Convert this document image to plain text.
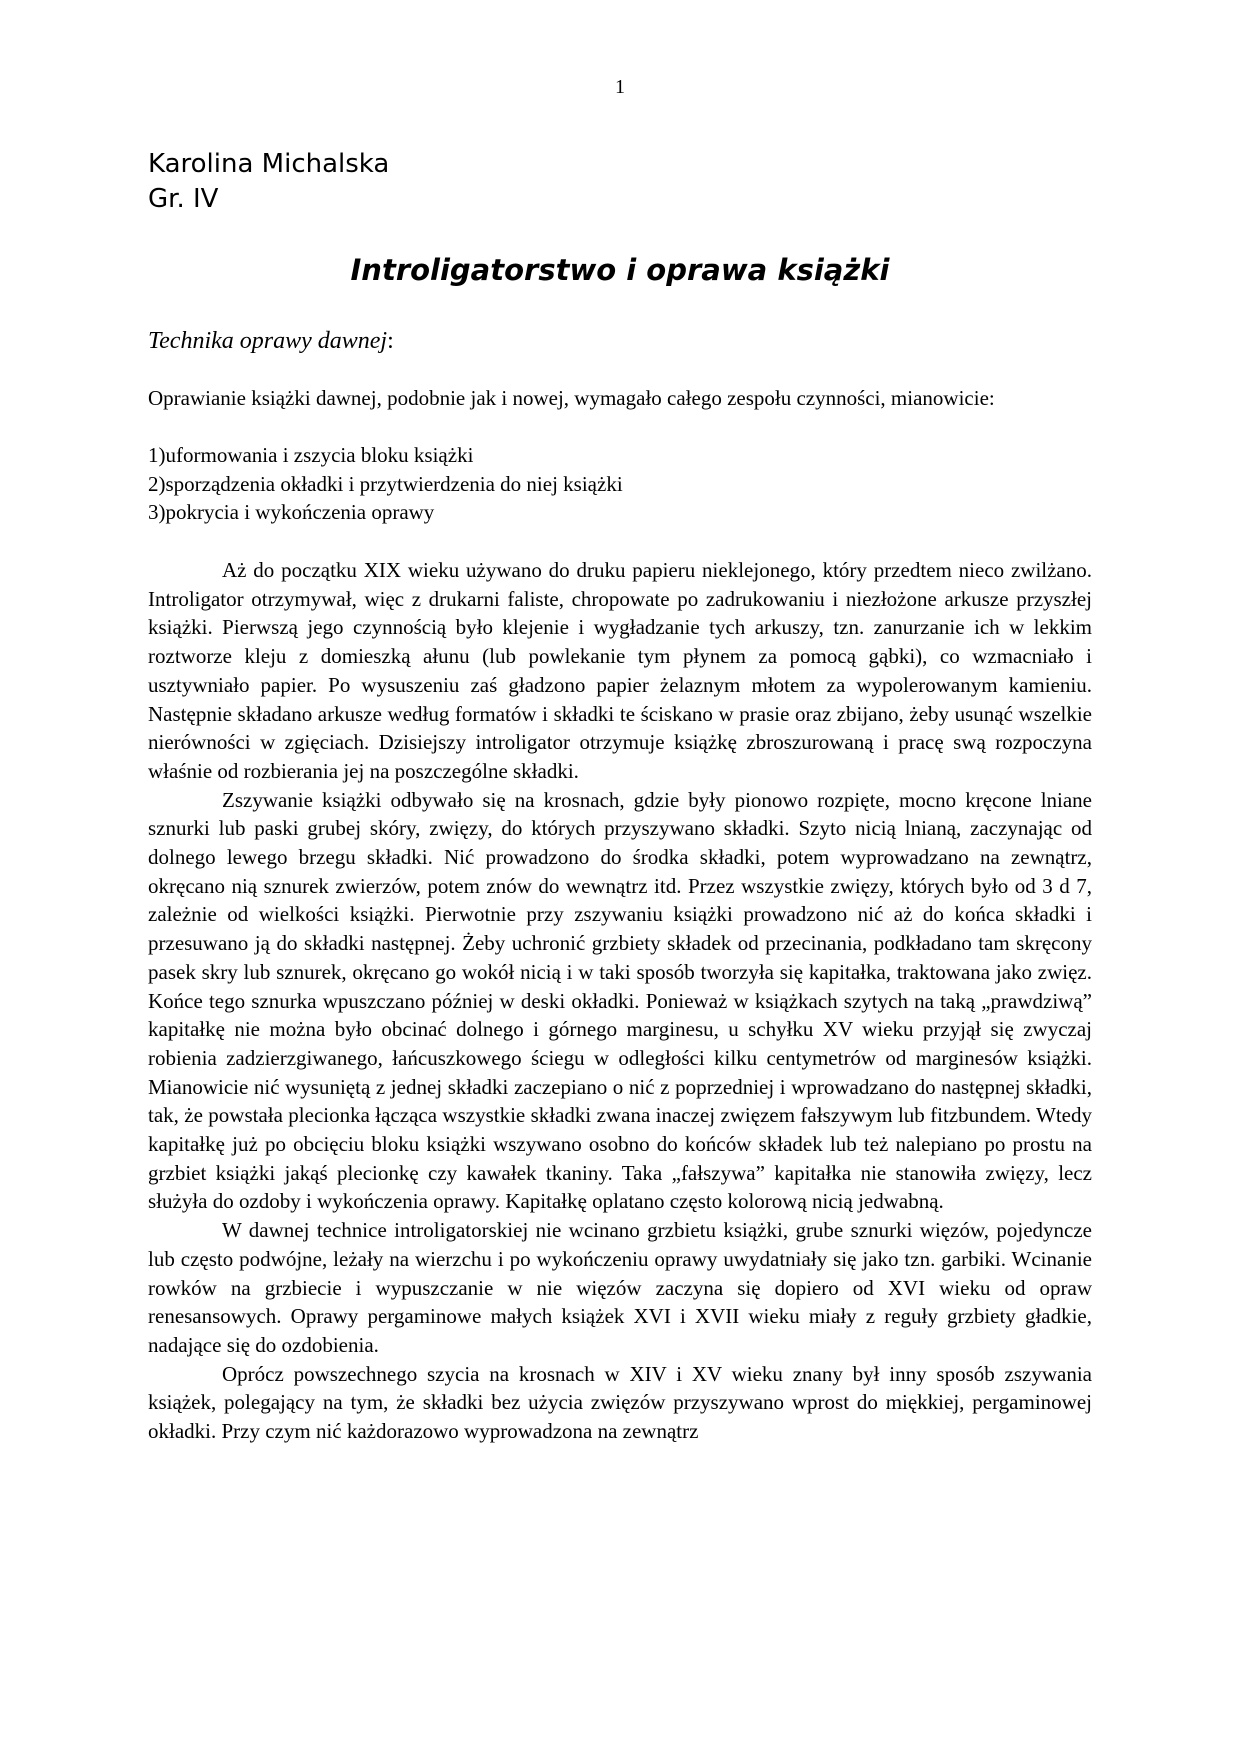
1
Karolina Michalska
Gr. IV
Introligatorstwo i oprawa książki
Technika oprawy dawnej:
Oprawianie książki dawnej, podobnie jak i nowej, wymagało całego zespołu czynności, mianowicie:
1)uformowania i zszycia bloku książki
2)sporządzenia okładki i przytwierdzenia do niej książki
3)pokrycia i wykończenia oprawy

Aż do początku XIX wieku używano do druku papieru nieklejonego, który przedtem nieco zwilżano. Introligator otrzymywał, więc z drukarni faliste, chropowate po zadrukowaniu i niezłożone arkusze przyszłej książki. Pierwszą jego czynnością było klejenie i wygładzanie tych arkuszy, tzn. zanurzanie ich w lekkim roztworze kleju z domieszką ałunu (lub powlekanie tym płynem za pomocą gąbki), co wzmacniało i usztywniało papier. Po wysuszeniu zaś gładzono papier żelaznym młotem za wypolerowanym kamieniu. Następnie składano arkusze według formatów i składki te ściskano w prasie oraz zbijano, żeby usunąć wszelkie nierówności w zgięciach. Dzisiejszy introligator otrzymuje książkę zbroszurowaną i pracę swą rozpoczyna właśnie od rozbierania jej na poszczególne składki.

Zszywanie książki odbywało się na krosnach, gdzie były pionowo rozpięte, mocno kręcone lniane sznurki lub paski grubej skóry, zwięzy, do których przyszywano składki. Szyto nicią lnianą, zaczynając od dolnego lewego brzegu składki. Nić prowadzono do środka składki, potem wyprowadzano na zewnątrz, okręcano nią sznurek zwierzów, potem znów do wewnątrz itd. Przez wszystkie zwięzy, których było od 3 d 7, zależnie od wielkości książki. Pierwotnie przy zszywaniu książki prowadzono nić aż do końca składki i przesuwano ją do składki następnej. Żeby uchronić grzbiety składek od przecinania, podkładano tam skręcony pasek skry lub sznurek, okręcano go wokół nicią i w taki sposób tworzyła się kapitałka, traktowana jako zwięz. Końce tego sznurka wpuszczano później w deski okładki. Ponieważ w książkach szytych na taką „prawdziwą” kapitałkę nie można było obcinać dolnego i górnego marginesu, u schyłku XV wieku przyjął się zwyczaj robienia zadzierzgiwanego, łańcuszkowego ściegu w odległości kilku centymetrów od marginesów książki. Mianowicie nić wysuniętą z jednej składki zaczepiano o nić z poprzedniej i wprowadzano do następnej składki, tak, że powstała plecionka łącząca wszystkie składki zwana inaczej zwięzem fałszywym lub fitzbundem. Wtedy kapitałkę już po obcięciu bloku książki wszywano osobno do końców składek lub też nalepiano po prostu na grzbiet książki jakąś plecionkę czy kawałek tkaniny. Taka „fałszywa” kapitałka nie stanowiła zwięzy, lecz służyła do ozdoby i wykończenia oprawy. Kapitałkę oplatano często kolorową nicią jedwabną.

W dawnej technice introligatorskiej nie wcinano grzbietu książki, grube sznurki więzów, pojedyncze lub często podwójne, leżały na wierzchu i po wykończeniu oprawy uwydatniały się jako tzn. garbiki. Wcinanie rowków na grzbiecie i wypuszczanie w nie więzów zaczyna się dopiero od XVI wieku od opraw renesansowych. Oprawy pergaminowe małych książek XVI i XVII wieku miały z reguły grzbiety gładkie, nadające się do ozdobienia.

Oprócz powszechnego szycia na krosnach w XIV i XV wieku znany był inny sposób zszywania książek, polegający na tym, że składki bez użycia zwięzów przyszywano wprost do miękkiej, pergaminowej okładki. Przy czym nić każdorazowo wyprowadzona na zewnątrz
